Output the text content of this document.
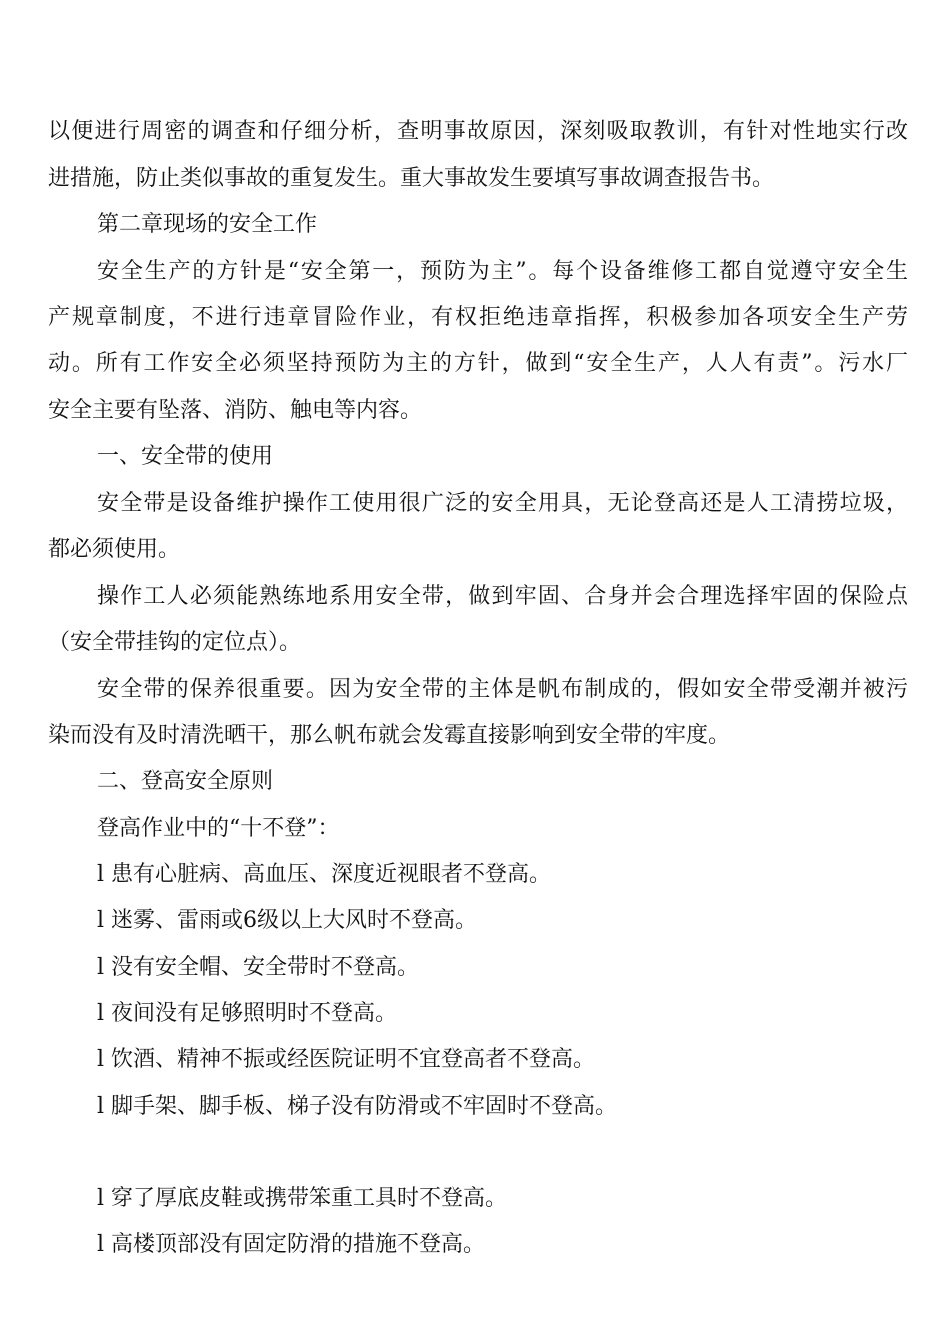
以便进行周密的调查和仔细分析，查明事故原因，深刻吸取教训，有针对性地实行改
进措施，防止类似事故的重复发生。重大事故发生要填写事故调查报告书。
第二章现场的安全工作
安全生产的方针是“安全第一，预防为主”。每个设备维修工都自觉遵守安全生
产规章制度，不进行违章冒险作业，有权拒绝违章指挥，积极参加各项安全生产劳
动。所有工作安全必须坚持预防为主的方针，做到“安全生产，人人有责”。污水厂
安全主要有坠落、消防、触电等内容。
一、安全带的使用
安全带是设备维护操作工使用很广泛的安全用具，无论登高还是人工清捞垃圾，
都必须使用。
操作工人必须能熟练地系用安全带，做到牢固、合身并会合理选择牢固的保险点
（安全带挂钩的定位点）。
安全带的保养很重要。因为安全带的主体是帆布制成的，假如安全带受潮并被污
染而没有及时清洗晒干，那么帆布就会发霉直接影响到安全带的牢度。
二、登高安全原则
登高作业中的“十不登”：
l 患有心脏病、高血压、深度近视眼者不登高。
l 迷雾、雷雨或6级以上大风时不登高。
l 没有安全帽、安全带时不登高。
l 夜间没有足够照明时不登高。
l 饮酒、精神不振或经医院证明不宜登高者不登高。
l 脚手架、脚手板、梯子没有防滑或不牢固时不登高。
l 穿了厚底皮鞋或携带笨重工具时不登高。
l 高楼顶部没有固定防滑的措施不登高。
